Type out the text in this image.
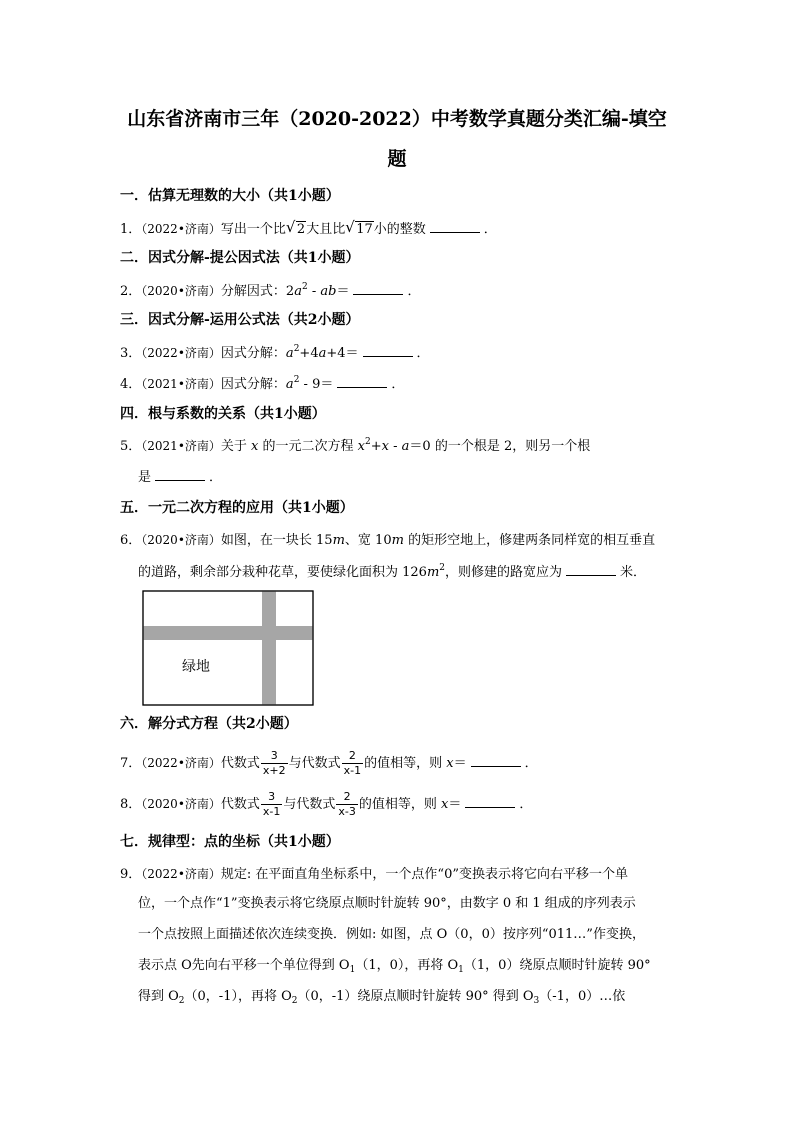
山东省济南市三年（2020-2022）中考数学真题分类汇编-填空
题
一．估算无理数的大小（共1小题）
1．（2022•济南）写出一个比 √ 2大且比 √ 17小的整数	．
二．因式分解-提公因式法（共1小题）
2．（2020•济南）分解因式：$2a^2 - ab=$	．
三．因式分解-运用公式法（共2小题）
3．（2022•济南）因式分解：$a^2+4a+4=$	．
4．（2021•济南）因式分解：$a^2 - 9=$	．
四．根与系数的关系（共1小题）
5．（2021•济南）关于 x 的一元二次方程 $x^2+x - a=0$ 的一个根是 2，则另一个根
是	．
五．一元二次方程的应用（共1小题）
6．（2020•济南）如图，在一块长 15m、宽 10m 的矩形空地上，修建两条同样宽的相互垂直
的道路，剩余部分栽种花草，要使绿化面积为 $126m^2$，则修建的路宽应为	米．
绿地
六．解分式方程（共2小题）
7．（2022•济南）代数式 $\frac{3}{x+2}$ 与代数式 $\frac{2}{x-1}$ 的值相等，则 x＝	．
8．（2020•济南）代数式 $\frac{3}{x-1}$ 与代数式 $\frac{2}{x-3}$ 的值相等，则 x＝	．
七．规律型：点的坐标（共1小题）
9．（2022•济南）规定: 在平面直角坐标系中，一个点作“0”变换表示将它向右平移一个单
位，一个点作“1”变换表示将它绕原点顺时针旋转 90°，由数字 0 和 1 组成的序列表示
一个点按照上面描述依次连续变换．例如: 如图，点 O（0，0）按序列“011…”作变换，
表示点 O先向右平移一个单位得到 $O_1(1$，0），再将 $O_1(1$，0）绕原点顺时针旋转 90°
得到 $O_2(0$，-1），再将 $O_2(0$，-1）绕原点顺时针旋转 90° 得到 $O_3(-1$，0）…依
